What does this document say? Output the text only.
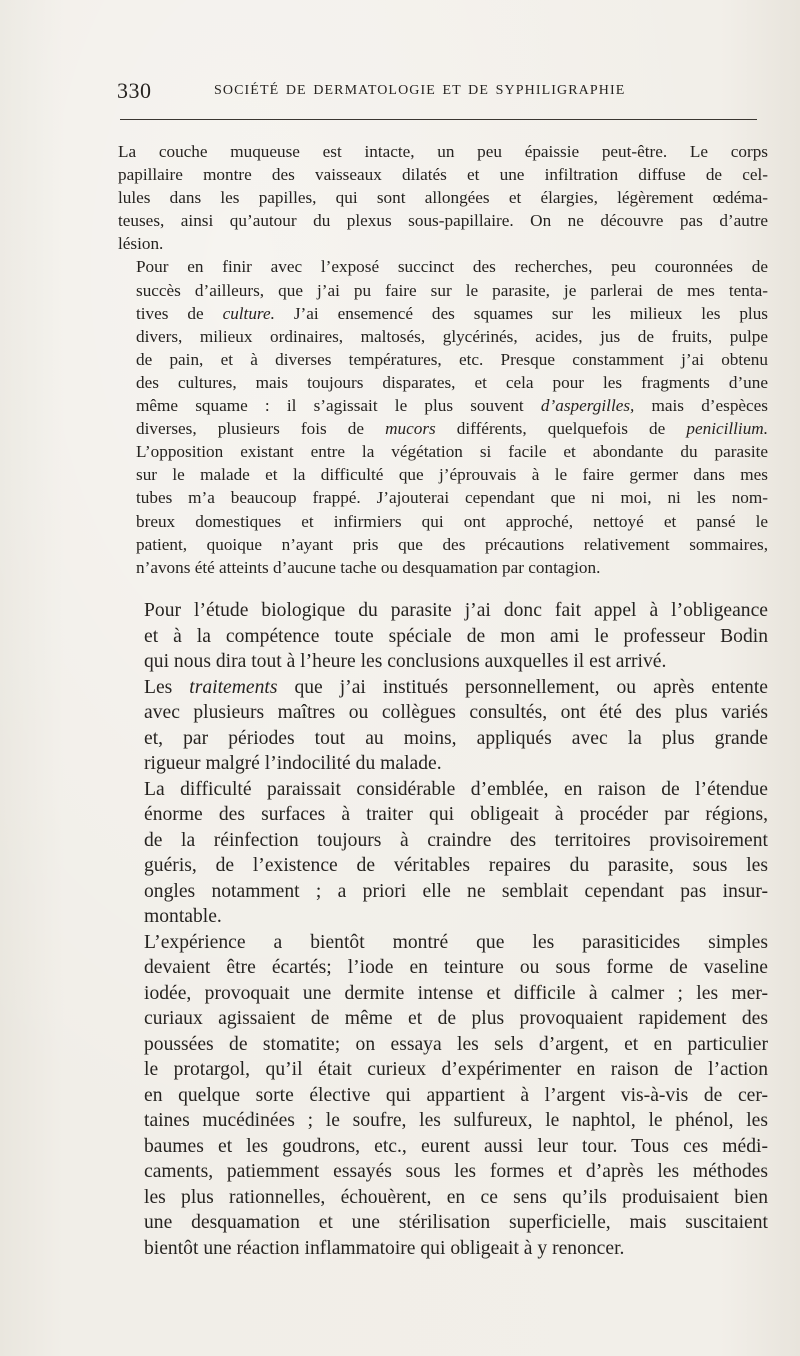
330	SOCIÉTÉ DE DERMATOLOGIE ET DE SYPHILIGRAPHIE

La couche muqueuse est intacte, un peu épaissie peut-être. Le corps
papillaire montre des vaisseaux dilatés et une infiltration diffuse de cel-
lules dans les papilles, qui sont allongées et élargies, légèrement œdéma-
teuses, ainsi qu’autour du plexus sous-papillaire. On ne découvre pas d’autre
lésion.

Pour en finir avec l’exposé succinct des recherches, peu couronnées de
succès d’ailleurs, que j’ai pu faire sur le parasite, je parlerai de mes tenta-
tives de culture. J’ai ensemencé des squames sur les milieux les plus
divers, milieux ordinaires, maltosés, glycérinés, acides, jus de fruits, pulpe
de pain, et à diverses températures, etc. Presque constamment j’ai obtenu
des cultures, mais toujours disparates, et cela pour les fragments d’une
même squame : il s’agissait le plus souvent d’aspergilles, mais d’espèces
diverses, plusieurs fois de mucors différents, quelquefois de penicillium.
L’opposition existant entre la végétation si facile et abondante du parasite
sur le malade et la difficulté que j’éprouvais à le faire germer dans mes
tubes m’a beaucoup frappé. J’ajouterai cependant que ni moi, ni les nom-
breux domestiques et infirmiers qui ont approché, nettoyé et pansé le
patient, quoique n’ayant pris que des précautions relativement sommaires,
n’avons été atteints d’aucune tache ou desquamation par contagion.

Pour l’étude biologique du parasite j’ai donc fait appel à l’obligeance
et à la compétence toute spéciale de mon ami le professeur Bodin
qui nous dira tout à l’heure les conclusions auxquelles il est arrivé.

Les traitements que j’ai institués personnellement, ou après entente
avec plusieurs maîtres ou collègues consultés, ont été des plus variés
et, par périodes tout au moins, appliqués avec la plus grande
rigueur malgré l’indocilité du malade.

La difficulté paraissait considérable d’emblée, en raison de l’étendue
énorme des surfaces à traiter qui obligeait à procéder par régions,
de la réinfection toujours à craindre des territoires provisoirement
guéris, de l’existence de véritables repaires du parasite, sous les
ongles notamment ; a priori elle ne semblait cependant pas insur-
montable.

L’expérience a bientôt montré que les parasiticides simples
devaient être écartés; l’iode en teinture ou sous forme de vaseline
iodée, provoquait une dermite intense et difficile à calmer ; les mer-
curiaux agissaient de même et de plus provoquaient rapidement des
poussées de stomatite; on essaya les sels d’argent, et en particulier
le protargol, qu’il était curieux d’expérimenter en raison de l’action
en quelque sorte élective qui appartient à l’argent vis-à-vis de cer-
taines mucédinées ; le soufre, les sulfureux, le naphtol, le phénol, les
baumes et les goudrons, etc., eurent aussi leur tour. Tous ces médi-
caments, patiemment essayés sous les formes et d’après les méthodes
les plus rationnelles, échouèrent, en ce sens qu’ils produisaient bien
une desquamation et une stérilisation superficielle, mais suscitaient
bientôt une réaction inflammatoire qui obligeait à y renoncer.
